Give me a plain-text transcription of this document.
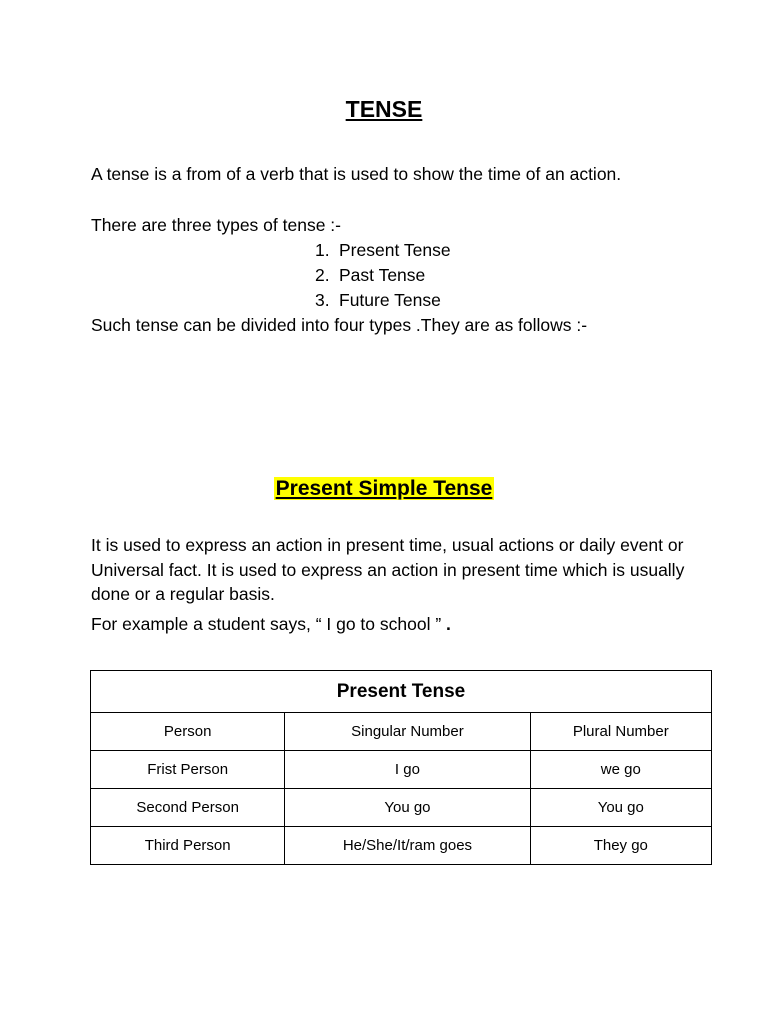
TENSE

A tense is a from of a verb that is used to show the time of an action.

There are three types of tense :-

1. Present Tense
2. Past Tense
3. Future Tense

Such tense can be divided into four types .They are as follows :-

Present Simple Tense

It is used to express an action in present time, usual actions or daily event or Universal fact. It is used to express an action in present time which is usually done or a regular basis.

For example a student says, “ I go to school ” .

Present Tense		
Person	Singular Number	Plural Number
Frist Person	I go	we go
Second Person	You go	You go
Third Person	He/She/It/ram goes	They go
